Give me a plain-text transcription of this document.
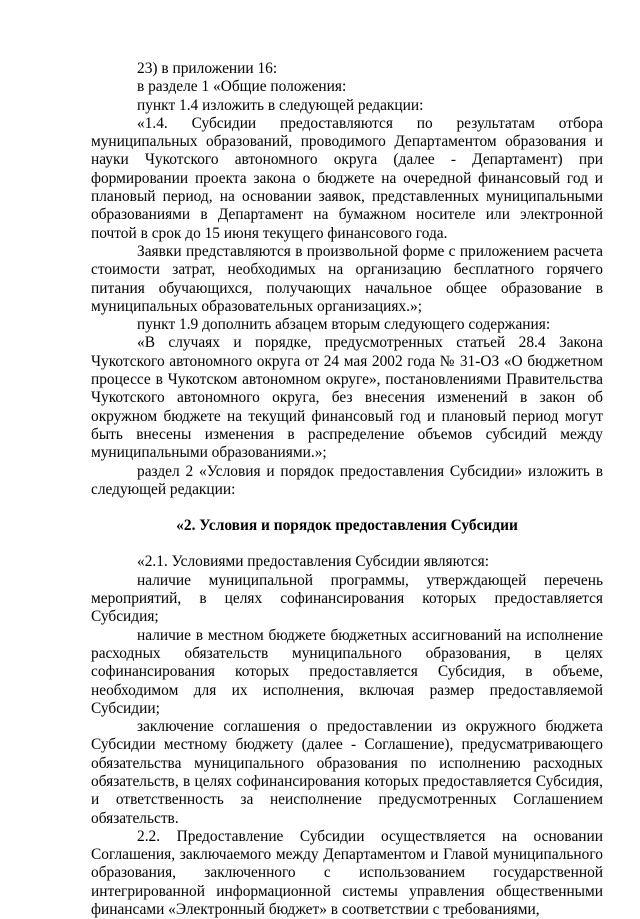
23) в приложении 16:

в разделе 1 «Общие положения:

пункт 1.4 изложить в следующей редакции:

«1.4. Субсидии предоставляются по результатам отбора муниципальных образований, проводимого Департаментом образования и науки Чукотского автономного округа (далее - Департамент) при формировании проекта закона о бюджете на очередной финансовый год и плановый период, на основании заявок, представленных муниципальными образованиями в Департамент на бумажном носителе или электронной почтой в срок до 15 июня текущего финансового года.

Заявки представляются в произвольной форме с приложением расчета стоимости затрат, необходимых на организацию бесплатного горячего питания обучающихся, получающих начальное общее образование в муниципальных образовательных организациях.»;

пункт 1.9 дополнить абзацем вторым следующего содержания:

«В случаях и порядке, предусмотренных статьей 28.4 Закона Чукотского автономного округа от 24 мая 2002 года № 31-ОЗ «О бюджетном процессе в Чукотском автономном округе», постановлениями Правительства Чукотского автономного округа, без внесения изменений в закон об окружном бюджете на текущий финансовый год и плановый период могут быть внесены изменения в распределение объемов субсидий между муниципальными образованиями.»;

раздел 2 «Условия и порядок предоставления Субсидии» изложить в следующей редакции:

«2. Условия и порядок предоставления Субсидии

«2.1. Условиями предоставления Субсидии являются:

наличие муниципальной программы, утверждающей перечень мероприятий, в целях софинансирования которых предоставляется Субсидия;

наличие в местном бюджете бюджетных ассигнований на исполнение расходных обязательств муниципального образования, в целях софинансирования которых предоставляется Субсидия, в объеме, необходимом для их исполнения, включая размер предоставляемой Субсидии;

заключение соглашения о предоставлении из окружного бюджета Субсидии местному бюджету (далее - Соглашение), предусматривающего обязательства муниципального образования по исполнению расходных обязательств, в целях софинансирования которых предоставляется Субсидия, и ответственность за неисполнение предусмотренных Соглашением обязательств.

2.2. Предоставление Субсидии осуществляется на основании Соглашения, заключаемого между Департаментом и Главой муниципального образования, заключенного с использованием государственной интегрированной информационной системы управления общественными финансами «Электронный бюджет» в соответствии с требованиями,
